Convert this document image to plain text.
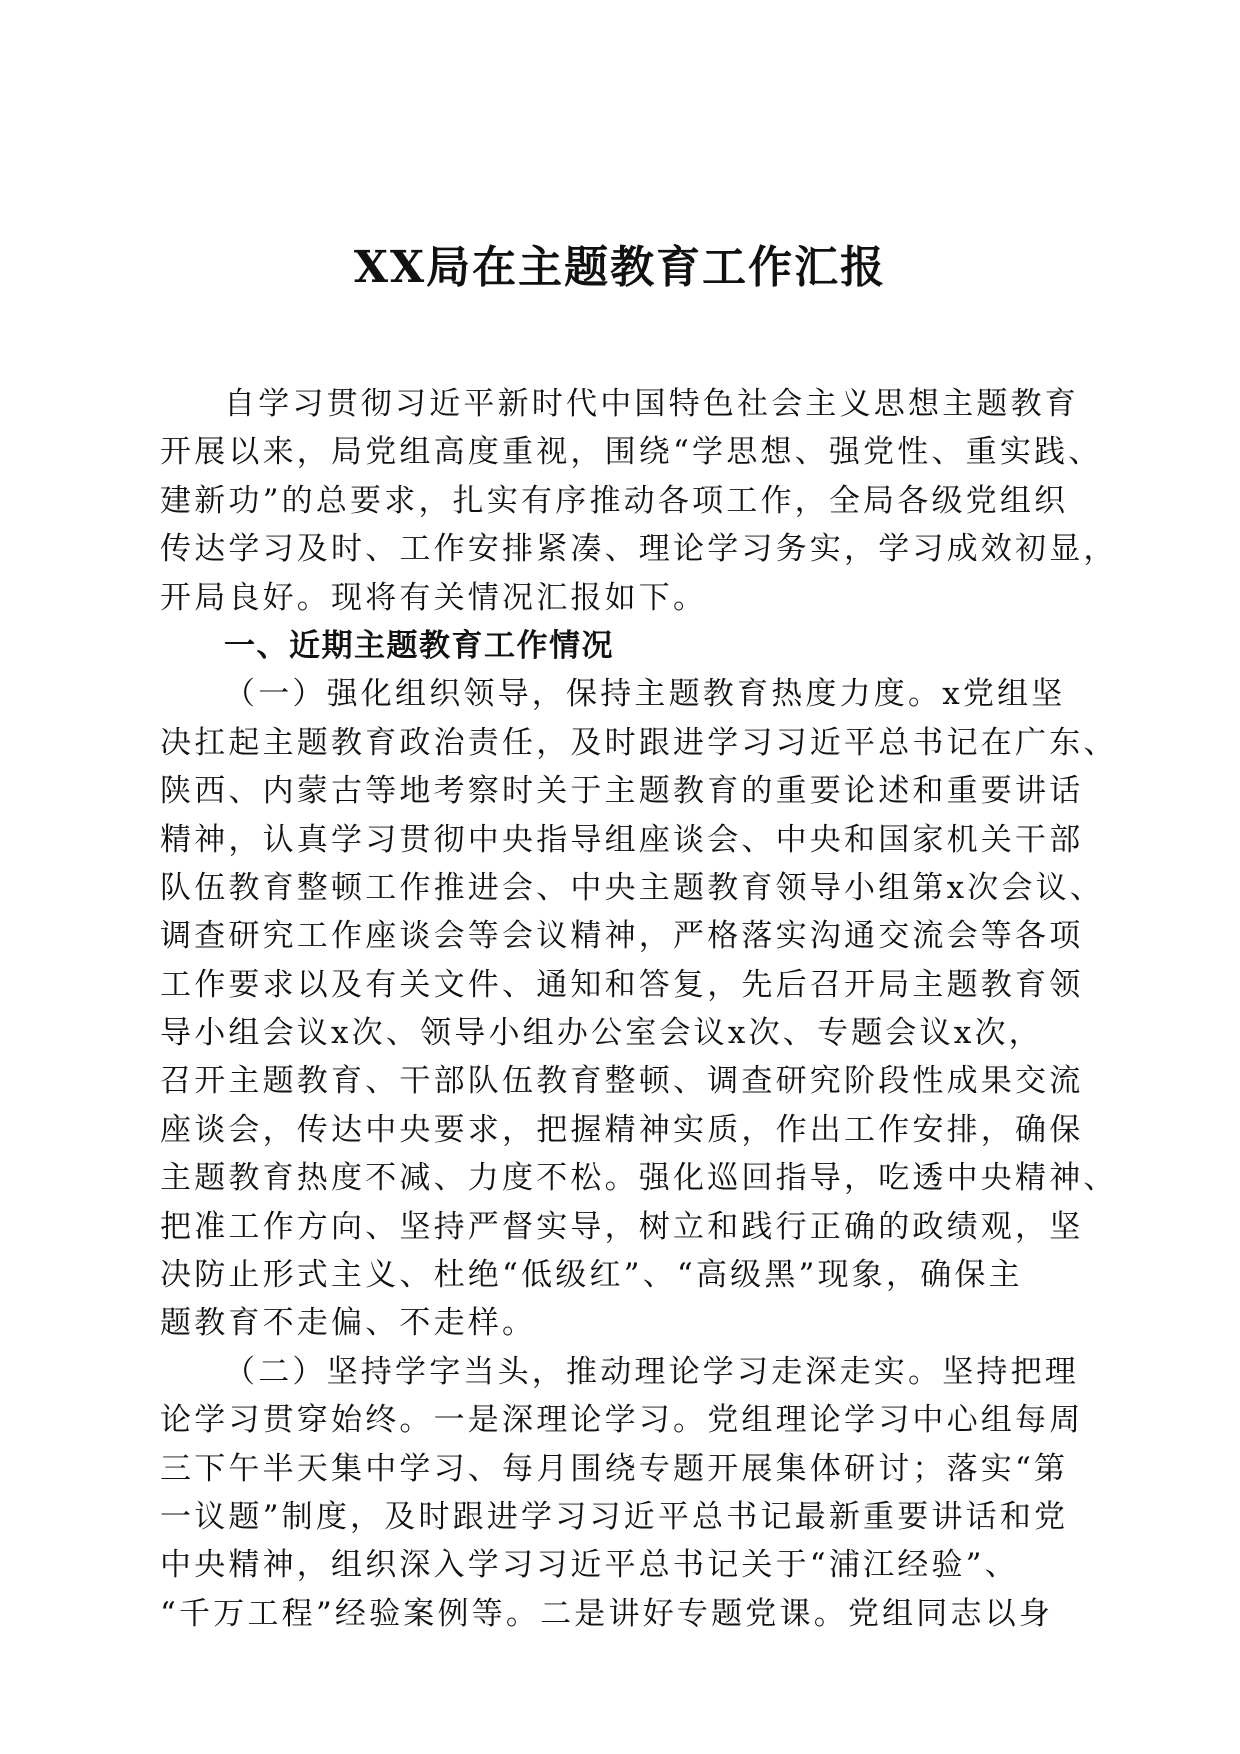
XX局在主题教育工作汇报
自学习贯彻习近平新时代中国特色社会主义思想主题教育
开展以来，局党组高度重视，围绕“学思想、强党性、重实践、
建新功”的总要求，扎实有序推动各项工作，全局各级党组织
传达学习及时、工作安排紧凑、理论学习务实，学习成效初显，
开局良好。现将有关情况汇报如下。
一、近期主题教育工作情况
（一）强化组织领导，保持主题教育热度力度。x党组坚
决扛起主题教育政治责任，及时跟进学习习近平总书记在广东、
陕西、内蒙古等地考察时关于主题教育的重要论述和重要讲话
精神，认真学习贯彻中央指导组座谈会、中央和国家机关干部
队伍教育整顿工作推进会、中央主题教育领导小组第x次会议、
调查研究工作座谈会等会议精神，严格落实沟通交流会等各项
工作要求以及有关文件、通知和答复，先后召开局主题教育领
导小组会议x次、领导小组办公室会议x次、专题会议x次，
召开主题教育、干部队伍教育整顿、调查研究阶段性成果交流
座谈会，传达中央要求，把握精神实质，作出工作安排，确保
主题教育热度不减、力度不松。强化巡回指导，吃透中央精神、
把准工作方向、坚持严督实导，树立和践行正确的政绩观，坚
决防止形式主义、杜绝“低级红”、“高级黑”现象，确保主
题教育不走偏、不走样。
（二）坚持学字当头，推动理论学习走深走实。坚持把理
论学习贯穿始终。一是深理论学习。党组理论学习中心组每周
三下午半天集中学习、每月围绕专题开展集体研讨；落实“第
一议题”制度，及时跟进学习习近平总书记最新重要讲话和党
中央精神，组织深入学习习近平总书记关于“浦江经验”、
“千万工程”经验案例等。二是讲好专题党课。党组同志以身
